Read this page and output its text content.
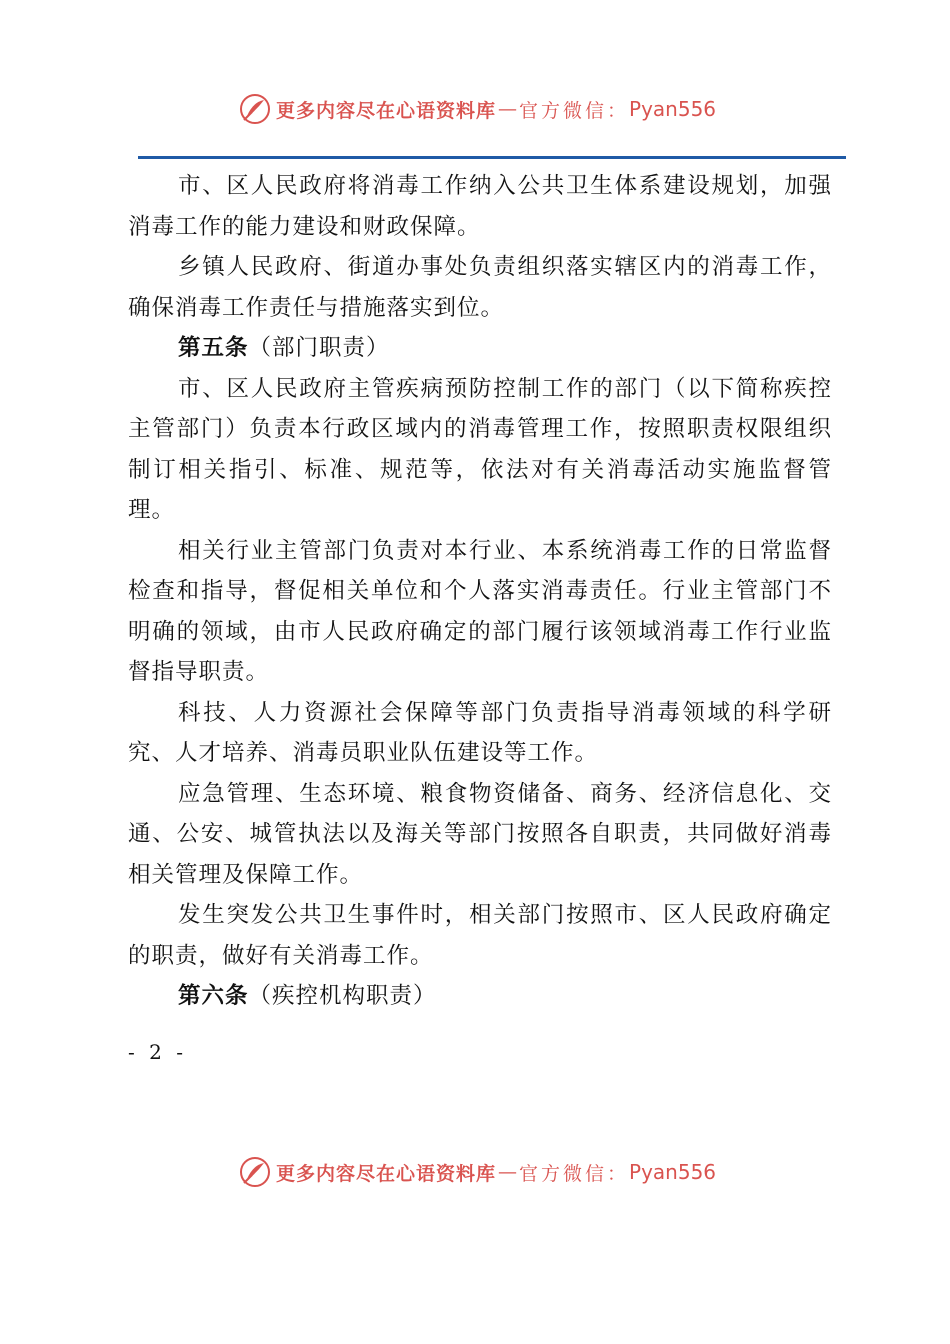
更多内容尽在心语资料库 — 官方微信： Pyan556

市、区人民政府将消毒工作纳入公共卫生体系建设规划，加强消毒工作的能力建设和财政保障。

乡镇人民政府、街道办事处负责组织落实辖区内的消毒工作，确保消毒工作责任与措施落实到位。

第五条（部门职责）

市、区人民政府主管疾病预防控制工作的部门（以下简称疾控主管部门）负责本行政区域内的消毒管理工作，按照职责权限组织制订相关指引、标准、规范等，依法对有关消毒活动实施监督管理。

相关行业主管部门负责对本行业、本系统消毒工作的日常监督检查和指导，督促相关单位和个人落实消毒责任。行业主管部门不明确的领域，由市人民政府确定的部门履行该领域消毒工作行业监督指导职责。

科技、人力资源社会保障等部门负责指导消毒领域的科学研究、人才培养、消毒员职业队伍建设等工作。

应急管理、生态环境、粮食物资储备、商务、经济信息化、交通、公安、城管执法以及海关等部门按照各自职责，共同做好消毒相关管理及保障工作。

发生突发公共卫生事件时，相关部门按照市、区人民政府确定的职责，做好有关消毒工作。

第六条（疾控机构职责）

- 2 -
更多内容尽在心语资料库 — 官方微信： Pyan556
